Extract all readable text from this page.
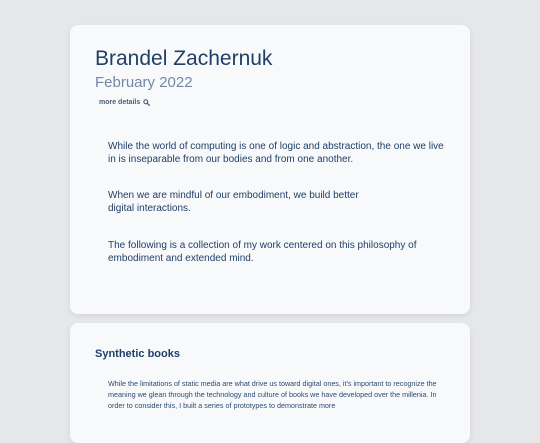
Brandel Zachernuk
February 2022
more details

While the world of computing is one of logic and abstraction, the one we live in is inseparable from our bodies and from one another.

When we are mindful of our embodiment, we build better digital interactions.

The following is a collection of my work centered on this philosophy of embodiment and extended mind.

Synthetic books

While the limitations of static media are what drive us toward digital ones, it's important to recognize the meaning we glean through the technology and culture of books we have developed over the millenia. In order to consider this, I built a series of prototypes to demonstrate more
